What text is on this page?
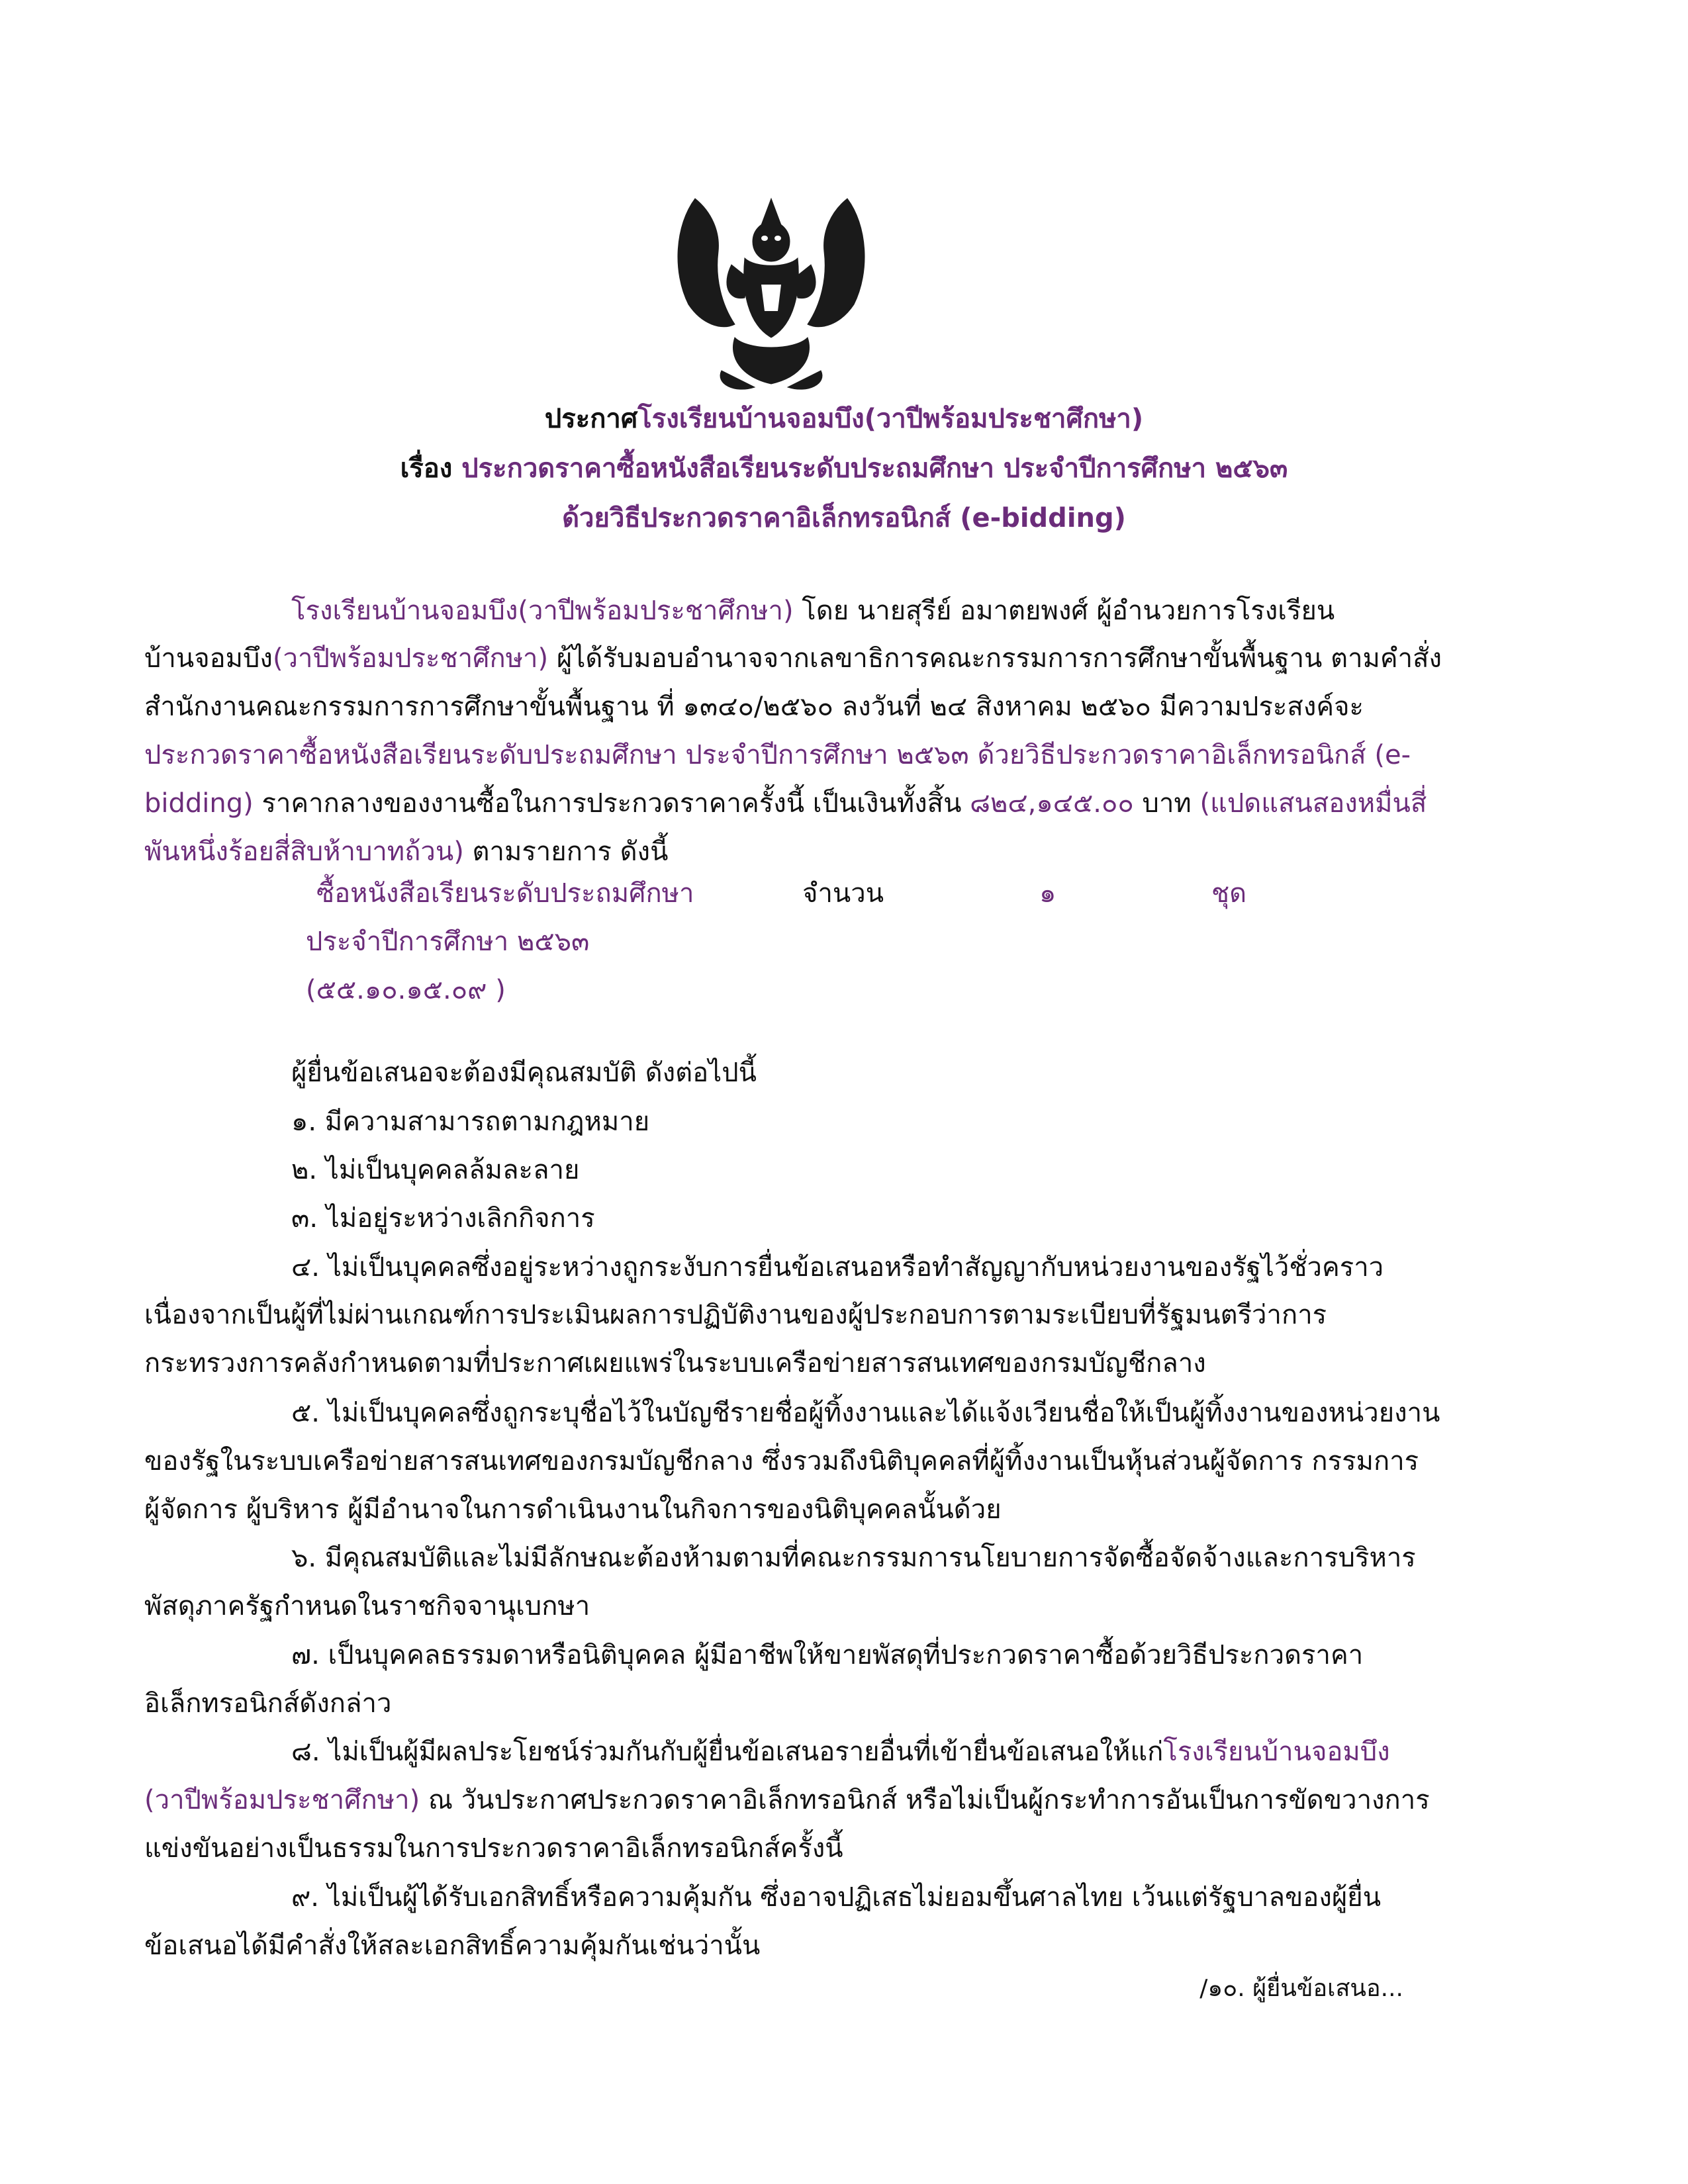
ประกาศโรงเรียนบ้านจอมบึง(วาปีพร้อมประชาศึกษา)
เรื่อง ประกวดราคาซื้อหนังสือเรียนระดับประถมศึกษา ประจำปีการศึกษา ๒๕๖๓
ด้วยวิธีประกวดราคาอิเล็กทรอนิกส์ (e-bidding)
โรงเรียนบ้านจอมบึง(วาปีพร้อมประชาศึกษา) โดย นายสุรีย์ อมาตยพงศ์ ผู้อำนวยการโรงเรียน
บ้านจอมบึง(วาปีพร้อมประชาศึกษา) ผู้ได้รับมอบอำนาจจากเลขาธิการคณะกรรมการการศึกษาขั้นพื้นฐาน ตามคำสั่ง
สำนักงานคณะกรรมการการศึกษาขั้นพื้นฐาน ที่ ๑๓๔๐/๒๕๖๐ ลงวันที่ ๒๔ สิงหาคม ๒๕๖๐ มีความประสงค์จะ
ประกวดราคาซื้อหนังสือเรียนระดับประถมศึกษา ประจำปีการศึกษา ๒๕๖๓ ด้วยวิธีประกวดราคาอิเล็กทรอนิกส์ (e-
bidding) ราคากลางของงานซื้อในการประกวดราคาครั้งนี้ เป็นเงินทั้งสิ้น ๘๒๔,๑๔๕.๐๐ บาท (แปดแสนสองหมื่นสี่
พันหนึ่งร้อยสี่สิบห้าบาทถ้วน) ตามรายการ ดังนี้
ซื้อหนังสือเรียนระดับประถมศึกษา	จำนวน	๑	ชุด
ประจำปีการศึกษา ๒๕๖๓
(๕๕.๑๐.๑๕.๐๙ )
ผู้ยื่นข้อเสนอจะต้องมีคุณสมบัติ ดังต่อไปนี้
๑. มีความสามารถตามกฎหมาย
๒. ไม่เป็นบุคคลล้มละลาย
๓. ไม่อยู่ระหว่างเลิกกิจการ
๔. ไม่เป็นบุคคลซึ่งอยู่ระหว่างถูกระงับการยื่นข้อเสนอหรือทำสัญญากับหน่วยงานของรัฐไว้ชั่วคราว
เนื่องจากเป็นผู้ที่ไม่ผ่านเกณฑ์การประเมินผลการปฏิบัติงานของผู้ประกอบการตามระเบียบที่รัฐมนตรีว่าการ
กระทรวงการคลังกำหนดตามที่ประกาศเผยแพร่ในระบบเครือข่ายสารสนเทศของกรมบัญชีกลาง
๕. ไม่เป็นบุคคลซึ่งถูกระบุชื่อไว้ในบัญชีรายชื่อผู้ทิ้งงานและได้แจ้งเวียนชื่อให้เป็นผู้ทิ้งงานของหน่วยงาน
ของรัฐในระบบเครือข่ายสารสนเทศของกรมบัญชีกลาง ซึ่งรวมถึงนิติบุคคลที่ผู้ทิ้งงานเป็นหุ้นส่วนผู้จัดการ กรรมการ
ผู้จัดการ ผู้บริหาร ผู้มีอำนาจในการดำเนินงานในกิจการของนิติบุคคลนั้นด้วย
๖. มีคุณสมบัติและไม่มีลักษณะต้องห้ามตามที่คณะกรรมการนโยบายการจัดซื้อจัดจ้างและการบริหาร
พัสดุภาครัฐกำหนดในราชกิจจานุเบกษา
๗. เป็นบุคคลธรรมดาหรือนิติบุคคล ผู้มีอาชีพให้ขายพัสดุที่ประกวดราคาซื้อด้วยวิธีประกวดราคา
อิเล็กทรอนิกส์ดังกล่าว
๘. ไม่เป็นผู้มีผลประโยชน์ร่วมกันกับผู้ยื่นข้อเสนอรายอื่นที่เข้ายื่นข้อเสนอให้แก่โรงเรียนบ้านจอมบึง
(วาปีพร้อมประชาศึกษา) ณ วันประกาศประกวดราคาอิเล็กทรอนิกส์ หรือไม่เป็นผู้กระทำการอันเป็นการขัดขวางการ
แข่งขันอย่างเป็นธรรมในการประกวดราคาอิเล็กทรอนิกส์ครั้งนี้
๙. ไม่เป็นผู้ได้รับเอกสิทธิ์หรือความคุ้มกัน ซึ่งอาจปฏิเสธไม่ยอมขึ้นศาลไทย เว้นแต่รัฐบาลของผู้ยื่น
ข้อเสนอได้มีคำสั่งให้สละเอกสิทธิ์ความคุ้มกันเช่นว่านั้น
/๑๐. ผู้ยื่นข้อเสนอ...
